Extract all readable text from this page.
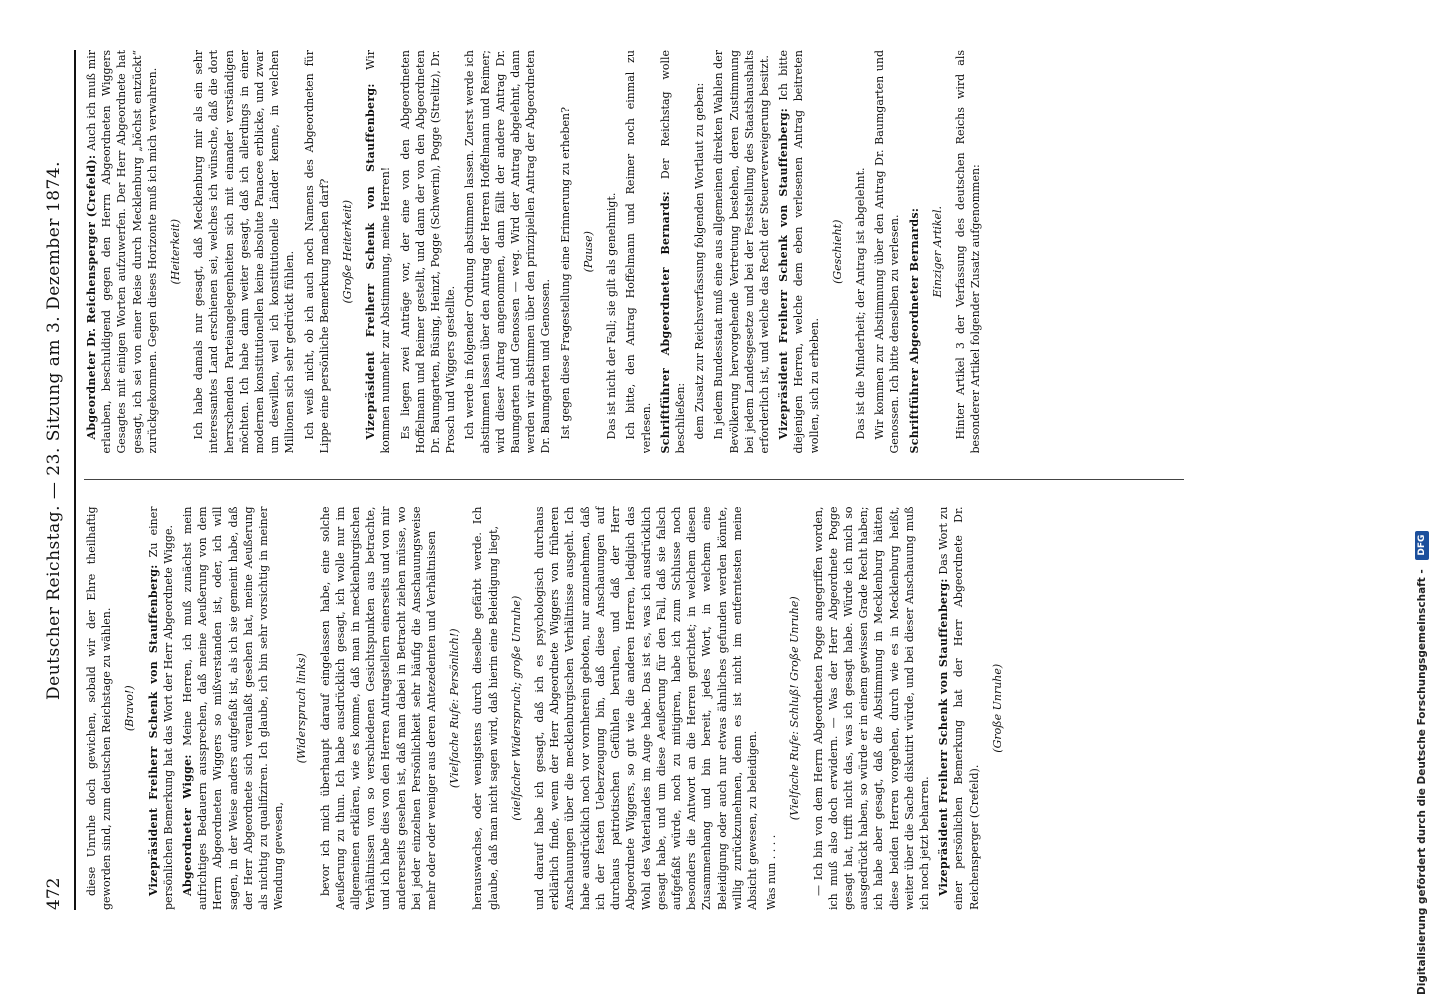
472
Deutscher Reichstag. — 23. Sitzung am 3. Dezember 1874.

diese Unruhe doch gewichen, sobald wir der Ehre theilhaftig geworden sind, zum deutschen Reichstage zu wählen. (Bravo!) Vizepräsident Freiherr Schenk von Stauffenberg: Zu einer persönlichen Bemerkung hat das Wort der Herr Abgeordnete Wigge. Abgeordneter Wigge: Meine Herren, ich muß zunächst mein aufrichtiges Bedauern aussprechen, daß meine Aeußerung von dem Herrn Abgeordneten Wiggers so mißverstanden ist, oder, ich will sagen, in der Weise anders aufgefaßt ist, als ich sie gemeint habe, daß der Herr Abgeordnete sich veranlaßt gesehen hat, meine Aeußerung als nichtig zu qualifiziren. Ich glaube, ich bin sehr vorsichtig in meiner Wendung gewesen,

(Widerspruch links) bevor ich mich überhaupt darauf eingelassen habe, eine solche Aeußerung zu thun. Ich habe ausdrücklich gesagt, ich wolle nur im allgemeinen erklären, wie es komme, daß man in mecklenburgischen Verhältnissen von so verschiedenen Gesichtspunkten aus betrachte, und ich habe dies von den Herren Antragstellern einerseits und von mir andererseits gesehen ist, daß man dabei in Betracht ziehen müsse, wo bei jeder einzelnen Persönlichkeit sehr häufig die Anschauungsweise mehr oder oder weniger aus deren Antezedenten und Verhältnissen (Vielfache Rufe: Persönlich!) herauswachse, oder wenigstens durch dieselbe gefärbt werde. Ich glaube, daß man nicht sagen wird, daß hierin eine Beleidigung liegt, (vielfacher Widerspruch; große Unruhe) und darauf habe ich gesagt, daß ich es psychologisch durchaus erklärlich finde, wenn der Herr Abgeordnete Wiggers von früheren Anschauungen über die mecklenburgischen Verhältnisse ausgeht. Ich habe ausdrücklich noch vor vornherein geboten, nur anzunehmen, daß ich der festen Ueberzeugung bin, daß diese Anschauungen auf durchaus patriotischen Gefühlen beruhen, und daß der Herr Abgeordnete Wiggers, so gut wie die anderen Herren, lediglich das Wohl des Vaterlandes im Auge habe. Das ist es, was ich ausdrücklich gesagt habe, und um diese Aeußerung für den Fall, daß sie falsch aufgefaßt würde, noch zu mitigiren, habe ich zum Schlusse noch besonders die Antwort an die Herren gerichtet; in welchem diesen Zusammenhang und bin bereit, jedes Wort, in welchem eine Beleidigung oder auch nur etwas ähnliches gefunden werden könnte, willig zurückzunehmen, denn es ist nicht im entferntesten meine Absicht gewesen, zu beleidigen. Was nun . . . .

(Vielfache Rufe: Schluß! Große Unruhe) — Ich bin von dem Herrn Abgeordneten Pogge angegriffen worden, ich muß also doch erwidern. — Was der Herr Abgeordnete Pogge gesagt hat, trifft nicht das, was ich gesagt habe. Würde ich mich so ausgedrückt haben, so würde er in einem gewissen Grade Recht haben; ich habe aber gesagt, daß die Abstimmung in Mecklenburg hätten diese beiden Herren vorgehen, durch wie es in Mecklenburg heißt, weiter über die Sache diskutirt würde, und bei dieser Anschauung muß ich noch jetzt beharren. Vizepräsident Freiherr Schenk von Stauffenberg: Das Wort zu einer persönlichen Bemerkung hat der Herr Abgeordnete Dr. Reichensperger (Crefeld).

(Große Unruhe)

Abgeordneter Dr. Reichensperger (Crefeld): Auch ich muß mir erlauben, beschuldigend gegen den Herrn Abgeordneten Wiggers Gesagtes mit einigen Worten aufzuwerfen. Der Herr Abgeordnete hat gesagt, ich sei von einer Reise durch Mecklenburg „höchst entzückt“ zurückgekommen. Gegen dieses Horizonte muß ich mich verwahren. (Heiterkeit) Ich habe damals nur gesagt, daß Mecklenburg mir als ein sehr interessantes Land erschienen sei, welches ich wünsche, daß die dort herrschenden Parteiangelegenheiten sich mit einander verständigen möchten. Ich habe dann weiter gesagt, daß ich allerdings in einer modernen konstitutionellen keine absolute Panacee erblicke, und zwar um deswillen, weil ich konstitutionelle Länder kenne, in welchen Millionen sich sehr gedrückt fühlen. Ich weiß nicht, ob ich auch noch Namens des Abgeordneten für Lippe eine persönliche Bemerkung machen darf? (Große Heiterkeit) Vizepräsident Freiherr Schenk von Stauffenberg: Wir kommen nunmehr zur Abstimmung, meine Herren! Es liegen zwei Anträge vor, der eine von den Abgeordneten Hoffelmann und Reimer gestellt, und dann der von den Abgeordneten Dr. Baumgarten, Büsing, Heinzt, Pogge (Schwerin), Pogge (Strelitz), Dr. Prosch und Wiggers gestellte. Ich werde in folgender Ordnung abstimmen lassen. Zuerst werde ich abstimmen lassen über den Antrag der Herren Hoffelmann und Reimer; wird dieser Antrag angenommen, dann fällt der andere Antrag Dr. Baumgarten und Genossen — weg. Wird der Antrag abgelehnt, dann werden wir abstimmen über den prinzipiellen Antrag der Abgeordneten Dr. Baumgarten und Genossen. Ist gegen diese Fragestellung eine Erinnerung zu erheben? (Pause) Das ist nicht der Fall; sie gilt als genehmigt. Ich bitte, den Antrag Hoffelmann und Reimer noch einmal zu verlesen. Schriftführer Abgeordneter Bernards: Der Reichstag wolle beschließen: dem Zusatz zur Reichsverfassung folgenden Wortlaut zu geben: In jedem Bundesstaat muß eine aus allgemeinen direkten Wahlen der Bevölkerung hervorgehende Vertretung bestehen, deren Zustimmung bei jedem Landesgesetze und bei der Feststellung des Staatshaushalts erforderlich ist, und welche das Recht der Steuerverweigerung besitzt. Vizepräsident Freiherr Schenk von Stauffenberg: Ich bitte diejenigen Herren, welche dem eben verlesenen Antrag beitreten wollen, sich zu erheben.

(Geschieht) Das ist die Minderheit; der Antrag ist abgelehnt. Wir kommen zur Abstimmung über den Antrag Dr. Baumgarten und Genossen. Ich bitte denselben zu verlesen. Schriftführer Abgeordneter Bernards: Einziger Artikel. Hinter Artikel 3 der Verfassung des deutschen Reichs wird als besonderer Artikel folgender Zusatz aufgenommen:

Digitalisierung gefördert durch die Deutsche Forschungsgemeinschaft - DFG
